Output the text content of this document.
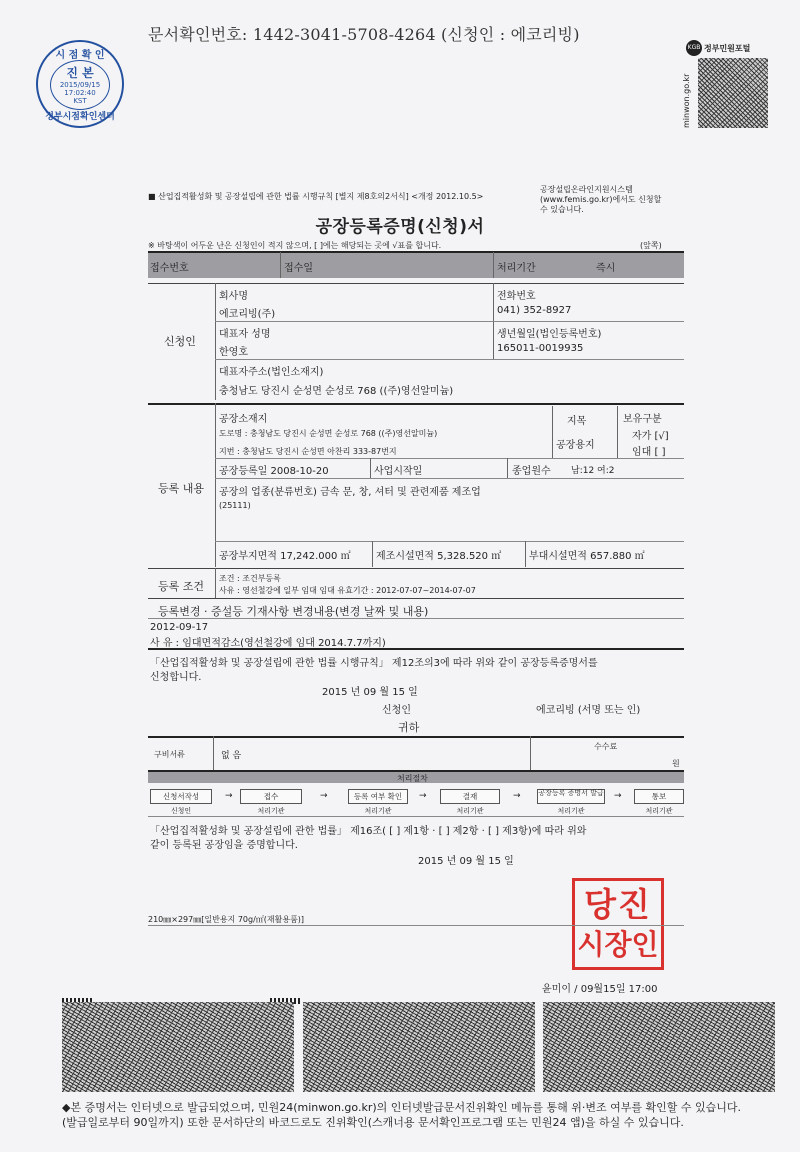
문서확인번호: 1442-3041-5708-4264 (신청인 : 에코리빙)
시 점 확 인
진 본
2015/09/15
17:02:40
KST
정부시점확인센터
KGB 정부민원포털
minwon.go.kr
■ 산업집적활성화 및 공장설립에 관한 법률 시행규칙 [별지 제8호의2서식] <개정 2012.10.5>
공장설립온라인지원시스템(www.femis.go.kr)에서도 신청할 수 있습니다.
공장등록증명(신청)서
※ 바탕색이 어두운 난은 신청인이 적지 않으며, [ ]에는 해당되는 곳에 √표를 합니다.	(앞쪽)
접수번호	접수일	처리기간	즉시
신청인
회사명
에코리빙(주)
전화번호
041) 352-8927
대표자 성명
한영호
생년월일(법인등록번호)
165011-0019935
대표자주소(법인소재지)
충청남도 당진시 순성면 순성로 768 ((주)영선알미늄)
등록 내용
공장소재지
도로명 : 충청남도 당진시 순성면 순성로 768 ((주)영선알미늄)
지번 : 충청남도 당진시 순성면 아찬리 333-87번지
지목
공장용지
보유구분
자가 [√]
임대 [ ]
공장등록일 2008-10-20	사업시작일	종업원수 남:12 여:2
공장의 업종(분류번호) 금속 문, 창, 셔터 및 관련제품 제조업
(25111)
공장부지면적 17,242.000 ㎡	제조시설면적 5,328.520 ㎡	부대시설면적 657.880 ㎡
등록 조건
조건 : 조건부등록
사유 : 영선철강에 일부 임대 임대 유효기간 : 2012-07-07~2014-07-07
등록변경 · 증설등 기재사항 변경내용(변경 날짜 및 내용)
2012-09-17
사 유 : 임대면적감소(영선철강에 임대 2014.7.7까지)
「산업집적활성화 및 공장설립에 관한 법률 시행규칙」 제12조의3에 따라 위와 같이 공장등록증명서를
신청합니다.
2015 년 09 월 15 일
신청인	에코리빙 (서명 또는 인)
귀하
구비서류	없 음
수수료
원
처리절차
신청서작성	접수	등록 여부 확인	결재	공장등록 증명서 발급	통보
→	→	→	→	→
신청인	처리기관	처리기관	처리기관	처리기관	처리기관
「산업집적활성화 및 공장설립에 관한 법률」 제16조( [ ] 제1항 · [ ] 제2항 · [ ] 제3항)에 따라 위와
같이 등록된 공장임을 증명합니다.
2015 년 09 월 15 일
당진
시장인
210㎜×297㎜[일반용지 70g/㎡(재활용품)]
윤미이 / 09월15일 17:00
◆본 증명서는 인터넷으로 발급되었으며, 민원24(minwon.go.kr)의 인터넷발급문서진위확인 메뉴를 통해 위·변조 여부를 확인할 수 있습니다.
(발급일로부터 90일까지) 또한 문서하단의 바코드로도 진위확인(스캐너용 문서확인프로그램 또는 민원24 앱)을 하실 수 있습니다.
